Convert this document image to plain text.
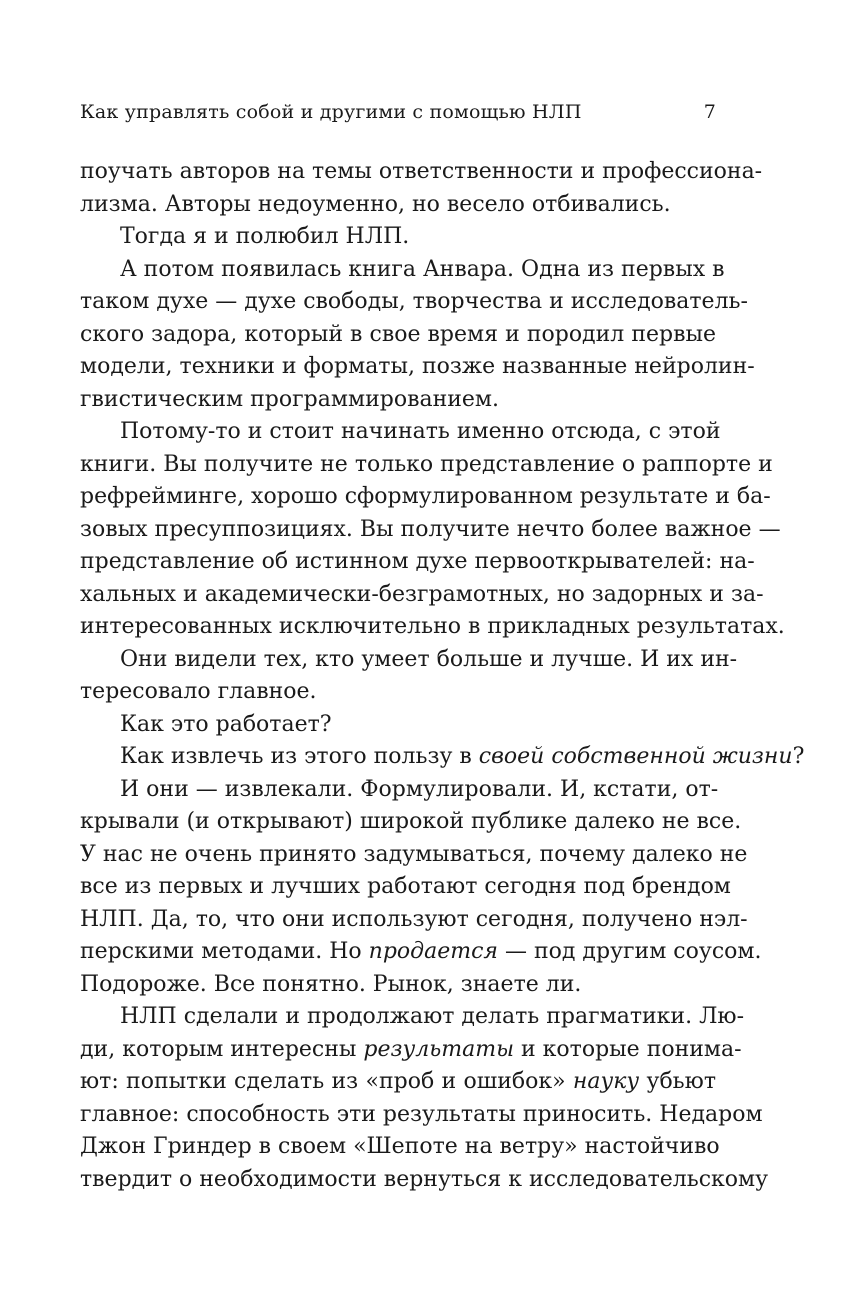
Как управлять собой и другими с помощью НЛП	7
поучать авторов на темы ответственности и профессиона-
лизма. Авторы недоуменно, но весело отбивались.
Тогда я и полюбил НЛП.
А потом появилась книга Анвара. Одна из первых в
таком духе — духе свободы, творчества и исследователь-
ского задора, который в свое время и породил первые
модели, техники и форматы, позже названные нейролин-
гвистическим программированием.
Потому-то и стоит начинать именно отсюда, с этой
книги. Вы получите не только представление о раппорте и
рефрейминге, хорошо сформулированном результате и ба-
зовых пресуппозициях. Вы получите нечто более важное —
представление об истинном духе первооткрывателей: на-
хальных и академически-безграмотных, но задорных и за-
интересованных исключительно в прикладных результатах.
Они видели тех, кто умеет больше и лучше. И их ин-
тересовало главное.
Как это работает?
Как извлечь из этого пользу в своей собственной жизни?
И они — извлекали. Формулировали. И, кстати, от-
крывали (и открывают) широкой публике далеко не все.
У нас не очень принято задумываться, почему далеко не
все из первых и лучших работают сегодня под брендом
НЛП. Да, то, что они используют сегодня, получено нэл-
перскими методами. Но продается — под другим соусом.
Подороже. Все понятно. Рынок, знаете ли.
НЛП сделали и продолжают делать прагматики. Лю-
ди, которым интересны результаты и которые понима-
ют: попытки сделать из «проб и ошибок» науку убьют
главное: способность эти результаты приносить. Недаром
Джон Гриндер в своем «Шепоте на ветру» настойчиво
твердит о необходимости вернуться к исследовательскому
